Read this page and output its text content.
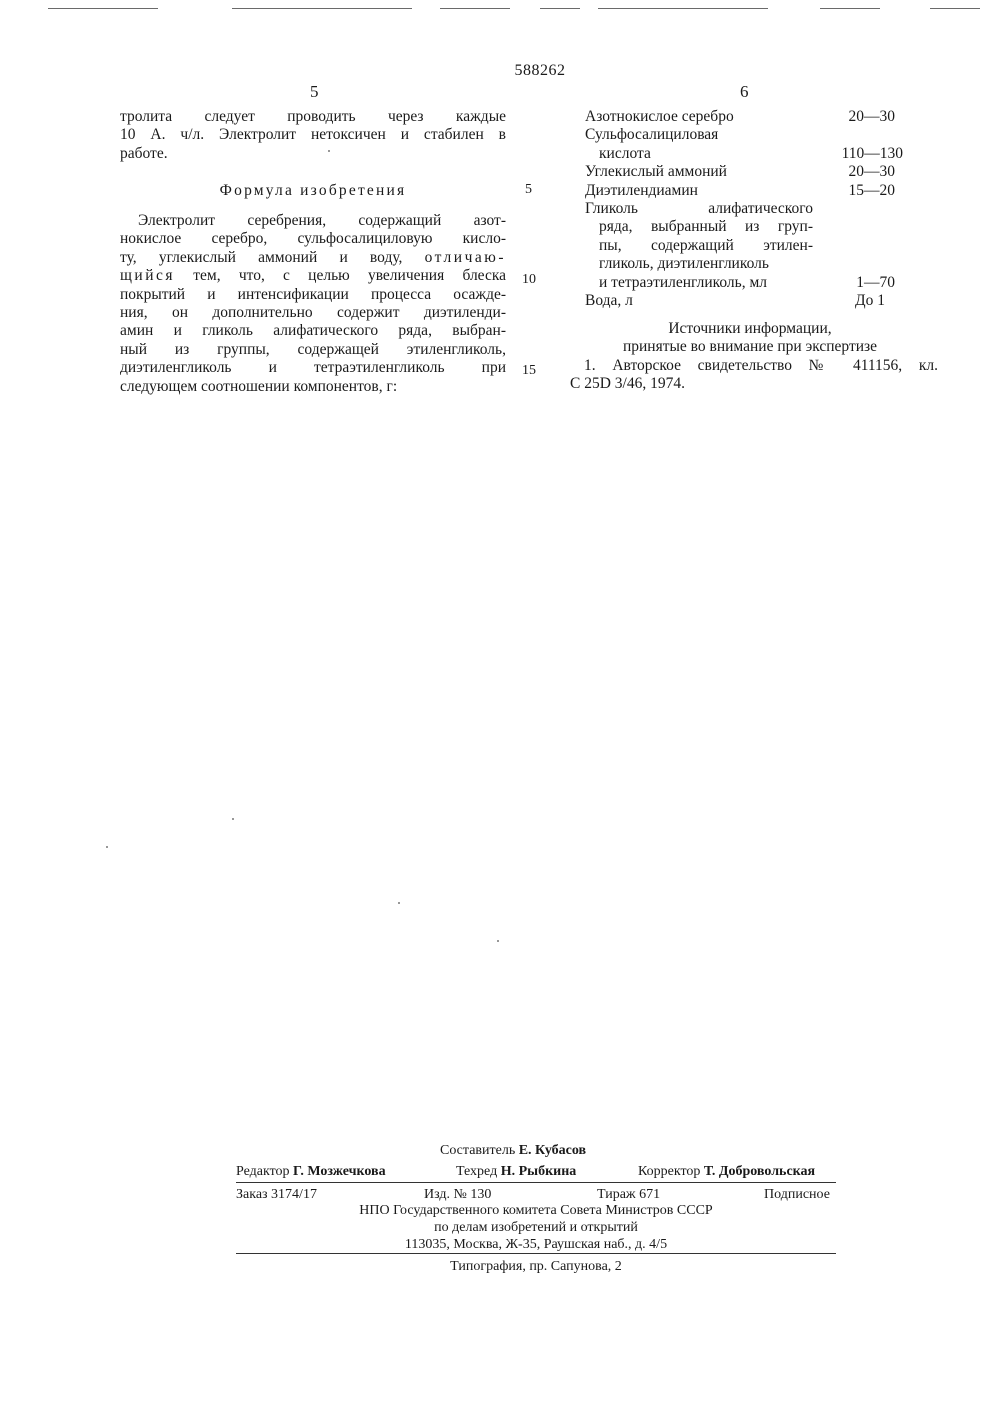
588262
5	6
тролита следует проводить через каждые
10 А. ч/л. Электролит нетоксичен и стабилен в
работе.
Формула изобретения
Электролит серебрения, содержащий азот-
нокислое серебро, сульфосалициловую кисло-
ту, углекислый аммоний и воду, отличаю-
щийся тем, что, с целью увеличения блеска
покрытий и интенсификации процесса осажде-
ния, он дополнительно содержит диэтиленди-
амин и гликоль алифатического ряда, выбран-
ный из группы, содержащей этиленгликоль,
диэтиленгликоль и тетраэтиленгликоль при
следующем соотношении компонентов, г:
5
10
15
Азотнокислое серебро	20—30
Сульфосалициловая
кислота	110—130
Углекислый аммоний	20—30
Диэтилендиамин	15—20
Гликоль алифатического
ряда, выбранный из груп-
пы, содержащий этилен-
гликоль, диэтиленгликоль
и тетраэтиленгликоль, мл	1—70
Вода, л	До 1
Источники информации,
принятые во внимание при экспертизе
1. Авторское свидетельство № 411156, кл.
С 25D 3/46, 1974.
Составитель Е. Кубасов
Редактор Г. Мозжечкова	Техред Н. Рыбкина	Корректор Т. Добровольская
Заказ 3174/17	Изд. № 130	Тираж 671	Подписное
НПО Государственного комитета Совета Министров СССР
по делам изобретений и открытий
113035, Москва, Ж-35, Раушская наб., д. 4/5
Типография, пр. Сапунова, 2
